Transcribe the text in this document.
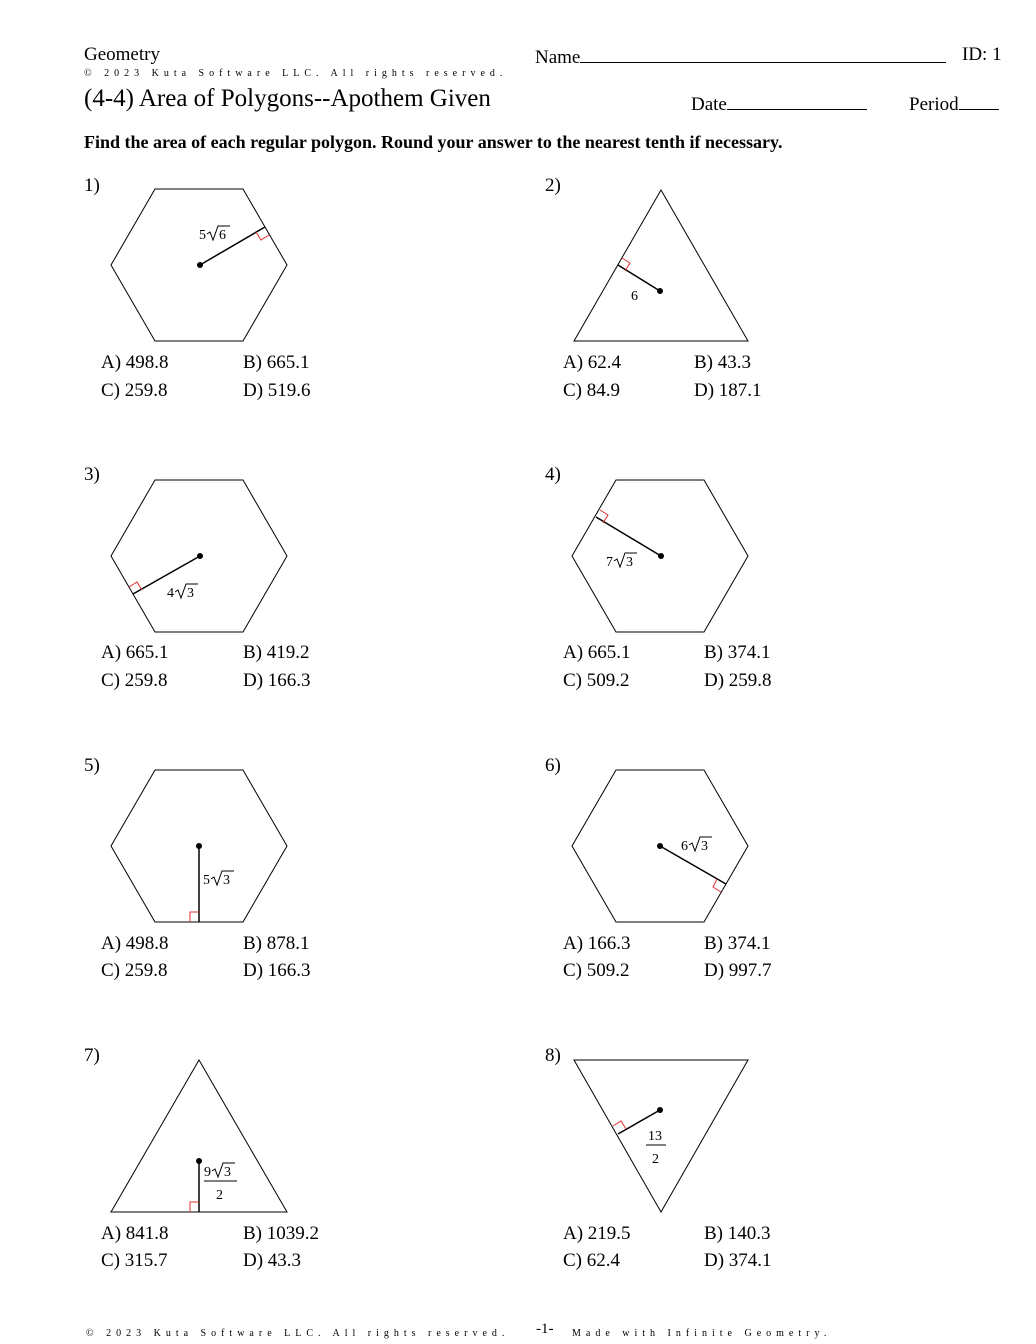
Geometry	Name	ID: 1
© 2023 Kuta Software LLC. All rights reserved.
(4-4) Area of Polygons--Apothem Given	Date	Period
Find the area of each regular polygon. Round your answer to the nearest tenth if necessary.
1)	2)
3)	4)
5)	6)
7)	8)
5 6
6
4 3
7 3
5 3
6 3
9 3
2
13
2
A) 498.8	B) 665.1
C) 259.8	D) 519.6
A) 62.4	B) 43.3
C) 84.9	D) 187.1
A) 665.1	B) 419.2
C) 259.8	D) 166.3
A) 665.1	B) 374.1
C) 509.2	D) 259.8
A) 498.8	B) 878.1
C) 259.8	D) 166.3
A) 166.3	B) 374.1
C) 509.2	D) 997.7
A) 841.8	B) 1039.2
C) 315.7	D) 43.3
A) 219.5	B) 140.3
C) 62.4	D) 374.1
© 2023 Kuta Software LLC. All rights reserved. -1- Made with Infinite Geometry.
